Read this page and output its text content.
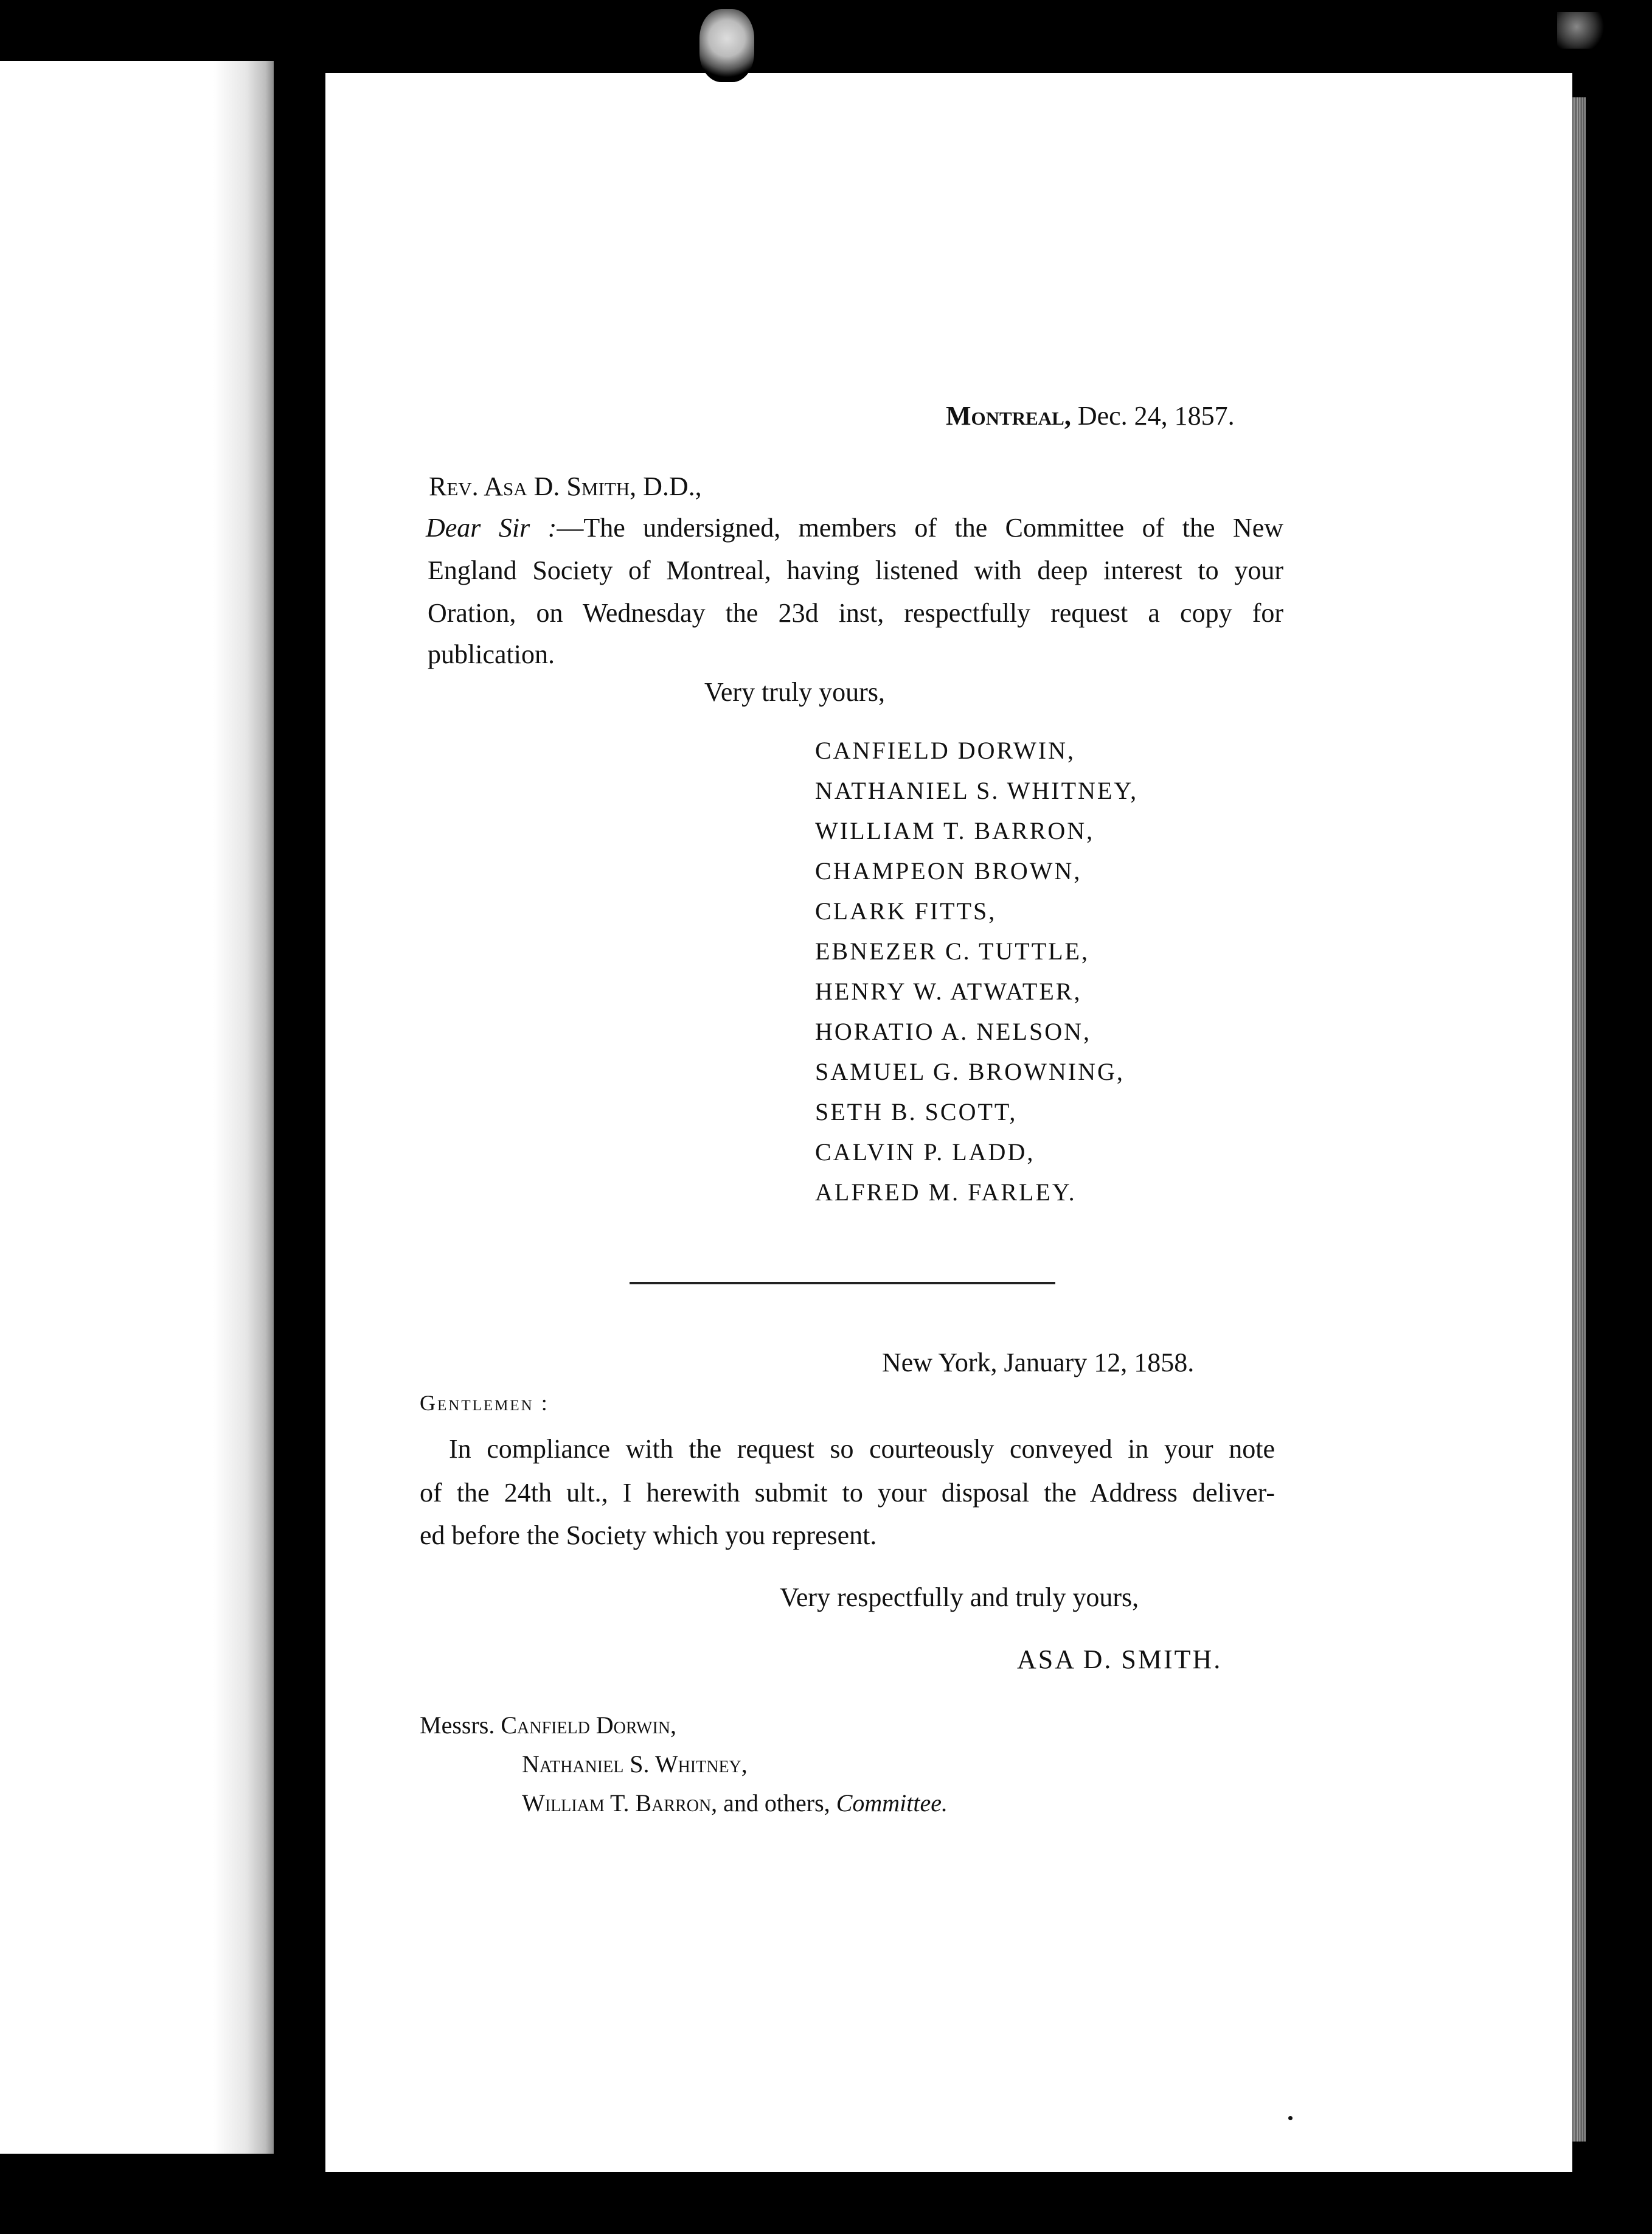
Montreal, Dec. 24, 1857.
Rev. Asa D. Smith, D.D.,
Dear Sir :—The undersigned, members of the Committee of the New
England Society of Montreal, having listened with deep interest to your
Oration, on Wednesday the 23d inst, respectfully request a copy for
publication.
Very truly yours,
CANFIELD DORWIN,
NATHANIEL S. WHITNEY,
WILLIAM T. BARRON,
CHAMPEON BROWN,
CLARK FITTS,
EBNEZER C. TUTTLE,
HENRY W. ATWATER,
HORATIO A. NELSON,
SAMUEL G. BROWNING,
SETH B. SCOTT,
CALVIN P. LADD,
ALFRED M. FARLEY.
New York, January 12, 1858.
Gentlemen :
In compliance with the request so courteously conveyed in your note
of the 24th ult., I herewith submit to your disposal the Address deliver-
ed before the Society which you represent.
Very respectfully and truly yours,
ASA D. SMITH.
Messrs. Canfield Dorwin,
Nathaniel S. Whitney,
William T. Barron, and others, Committee.
